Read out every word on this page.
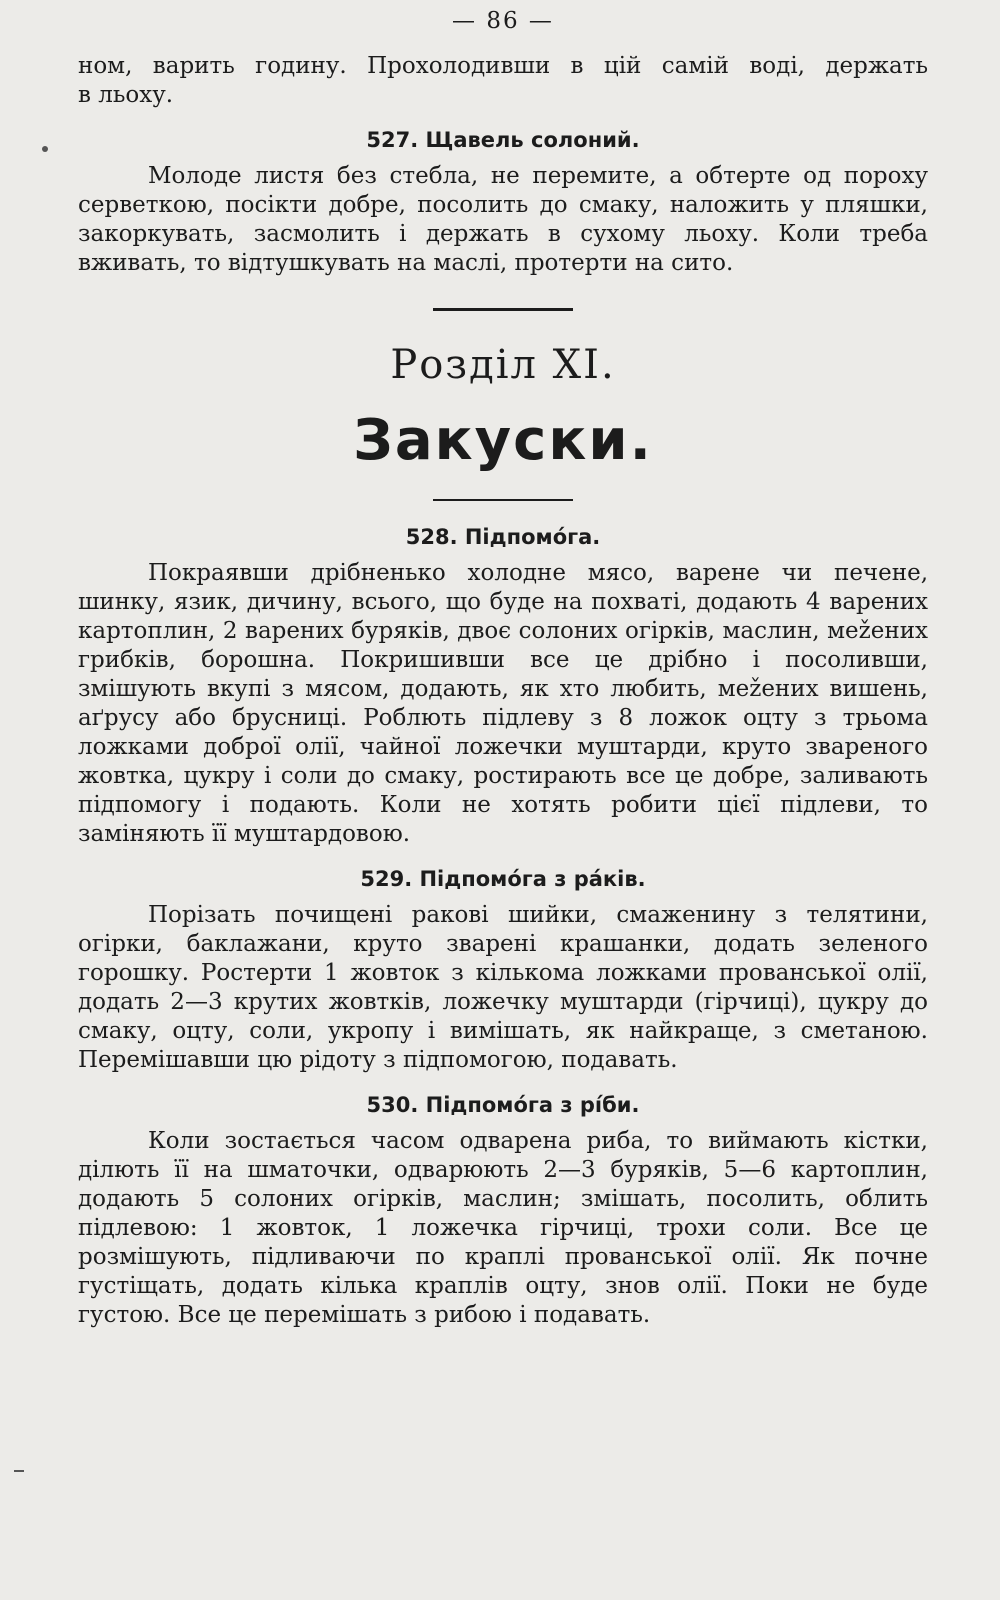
— 86 —

ном, варить годину. Прохолодивши в цій самій воді, держать

в льоху.

527. Щавель солоний.

Молоде листя без стебла, не перемите, а обтерте од пороху серветкою, посікти добре, посолить до смаку, наложить у пляшки, закоркувать, засмолить і держать в сухому льоху. Коли треба вживать, то відтушкувать на маслі, протерти на сито.

Розділ XI.
Закуски.
528. Підпомóга.

Покраявши дрібненько холодне мясо, варене чи печене, шинку, язик, дичину, всього, що буде на похваті, додають 4 варених картоплин, 2 варених буряків, двоє солоних огірків, маслин, мežених грибків, борошна. Покришивши все це дрібно і посоливши, змішують вкупі з мясом, додають, як хто любить, мežених вишень, аґрусу або брусниці. Роблють підлеву з 8 ложок оцту з трьома ложками доброї олії, чайної ложечки муштарди, круто звареного жовтка, цукру і соли до смаку, ростирають все це добре, заливають підпомогу і подають. Коли не хотять робити цієї підлеви, то заміняють її муштардовою.

529. Підпомóга з рáків.

Порізать почищені ракові шийки, смаженину з телятини, огірки, баклажани, круто зварені крашанки, додать зеленого горошку. Ростерти 1 жовток з кількома ложками прованської олії, додать 2—3 крутих жовтків, ложечку муштарди (гірчиці), цукру до смаку, оцту, соли, укропу і вимішать, як найкраще, з сметаною. Перемішавши цю рідоту з підпомогою, подавать.

530. Підпомóга з рíби.

Коли зостається часом одварена риба, то виймають кістки, ділють її на шматочки, одварюють 2—3 буряків, 5—6 картоплин, додають 5 солоних огірків, маслин; змішать, посолить, облить підлевою: 1 жовток, 1 ложечка гірчиці, трохи соли. Все це розмішують, підливаючи по краплі прованської олії. Як почне густіщать, додать кілька краплів оцту, знов олії. Поки не буде густою. Все це перемішать з рибою і подавать.
